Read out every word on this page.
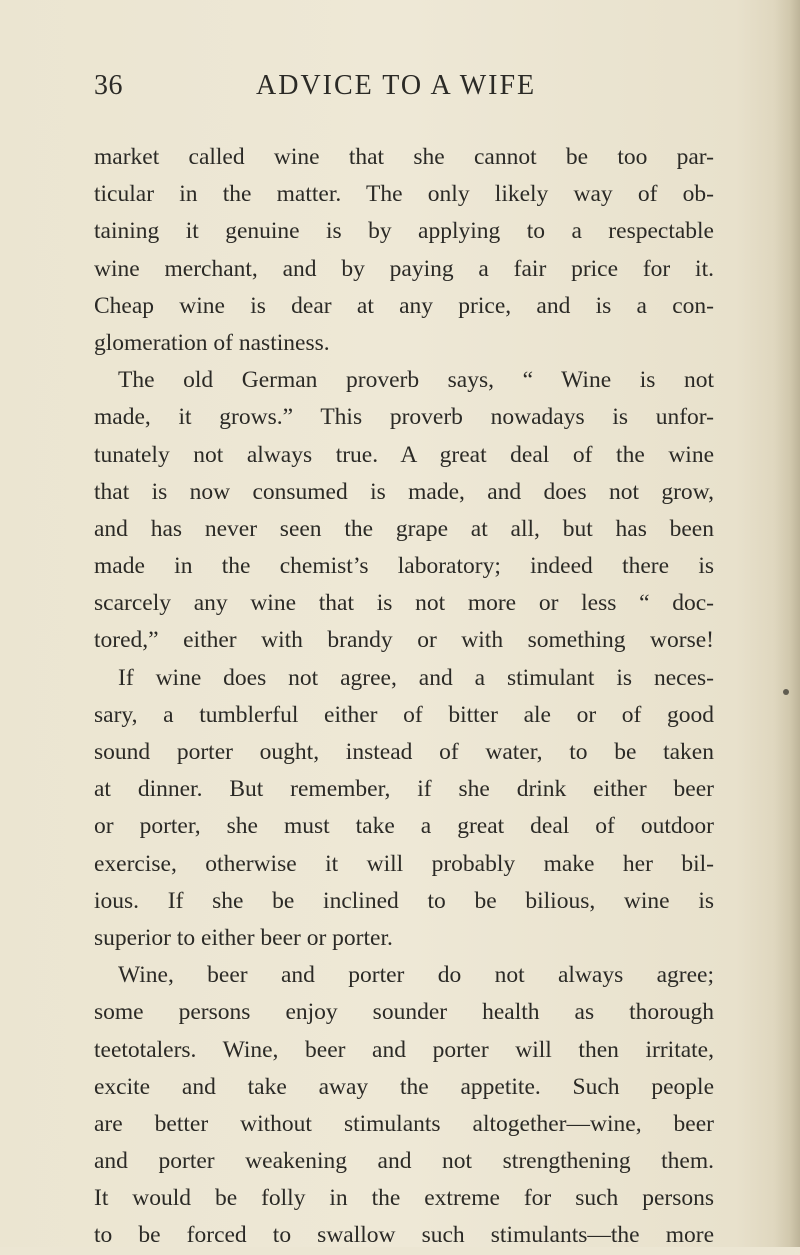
36	ADVICE TO A WIFE
market called wine that she cannot be too par-
ticular in the matter. The only likely way of ob-
taining it genuine is by applying to a respectable
wine merchant, and by paying a fair price for it.
Cheap wine is dear at any price, and is a con-
glomeration of nastiness.
The old German proverb says, “ Wine is not
made, it grows.” This proverb nowadays is unfor-
tunately not always true. A great deal of the wine
that is now consumed is made, and does not grow,
and has never seen the grape at all, but has been
made in the chemist’s laboratory; indeed there is
scarcely any wine that is not more or less “ doc-
tored,” either with brandy or with something worse!
If wine does not agree, and a stimulant is neces-
sary, a tumblerful either of bitter ale or of good
sound porter ought, instead of water, to be taken
at dinner. But remember, if she drink either beer
or porter, she must take a great deal of outdoor
exercise, otherwise it will probably make her bil-
ious. If she be inclined to be bilious, wine is
superior to either beer or porter.
Wine, beer and porter do not always agree;
some persons enjoy sounder health as thorough
teetotalers. Wine, beer and porter will then irritate,
excite and take away the appetite. Such people
are better without stimulants altogether—wine, beer
and porter weakening and not strengthening them.
It would be folly in the extreme for such persons
to be forced to swallow such stimulants—the more
